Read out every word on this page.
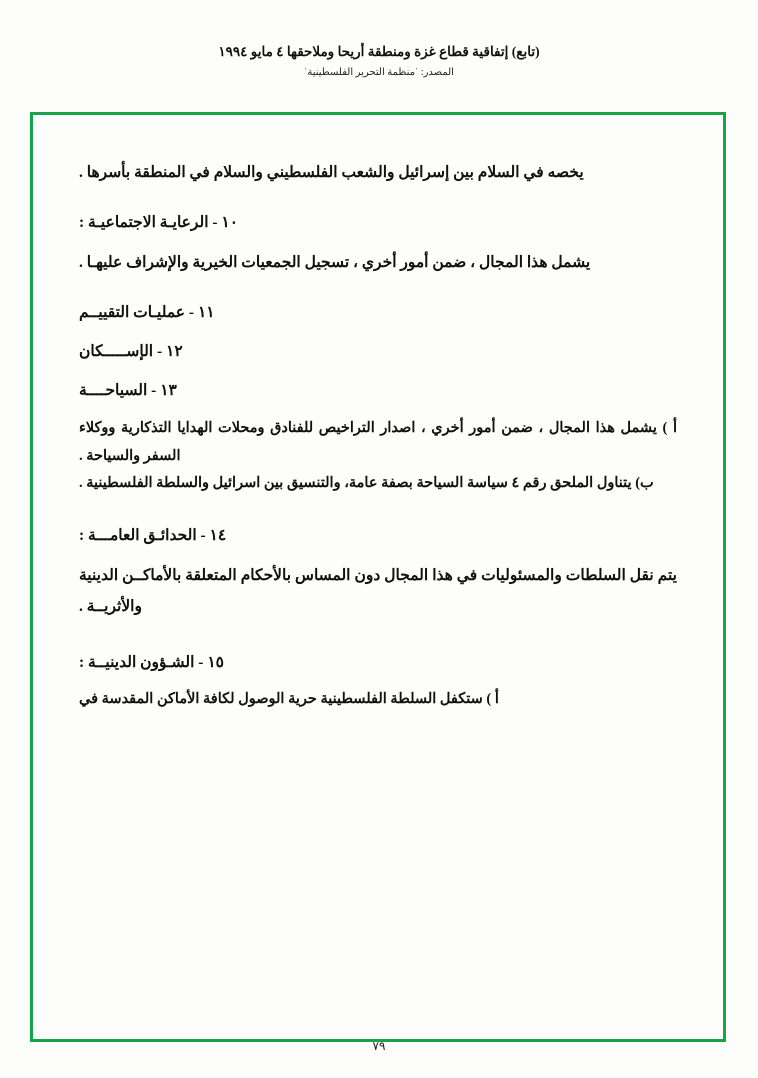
(تابع) إتفاقية قطاع غزة ومنطقة أريحا وملاحقها ٤ مايو ١٩٩٤
المصدر: ˈمنظمة التحرير الفلسطينيةˈ

يخصه في السلام بين إسرائيل والشعب الفلسطيني والسلام في المنطقة بأسرها .

١٠ - الرعايـة الاجتماعيـة :

يشمل هذا المجال ، ضمن أمور أخري ، تسجيل الجمعيات الخيرية والإشراف عليهـا .

١١ - عمليـات التقييــم
١٢ - الإســـــكان
١٣ - السياحــــة

أ ) يشمل هذا المجال ، ضمن أمور أخري ، اصدار التراخيص للفنادق ومحلات الهدايا التذكارية ووكلاء السفر والسياحة .

ب) يتناول الملحق رقم ٤ سياسة السياحة بصفة عامة، والتنسيق بين اسرائيل والسلطة الفلسطينية .

١٤ - الحدائـق العامـــة :

يتم نقل السلطات والمسئوليات في هذا المجال دون المساس بالأحكام المتعلقة بالأماكــن الدينية والأثريــة .

١٥ - الشـؤون الدينيــة :

أ ) ستكفل السلطة الفلسطينية حرية الوصول لكافة الأماكن المقدسة في

٧٩
